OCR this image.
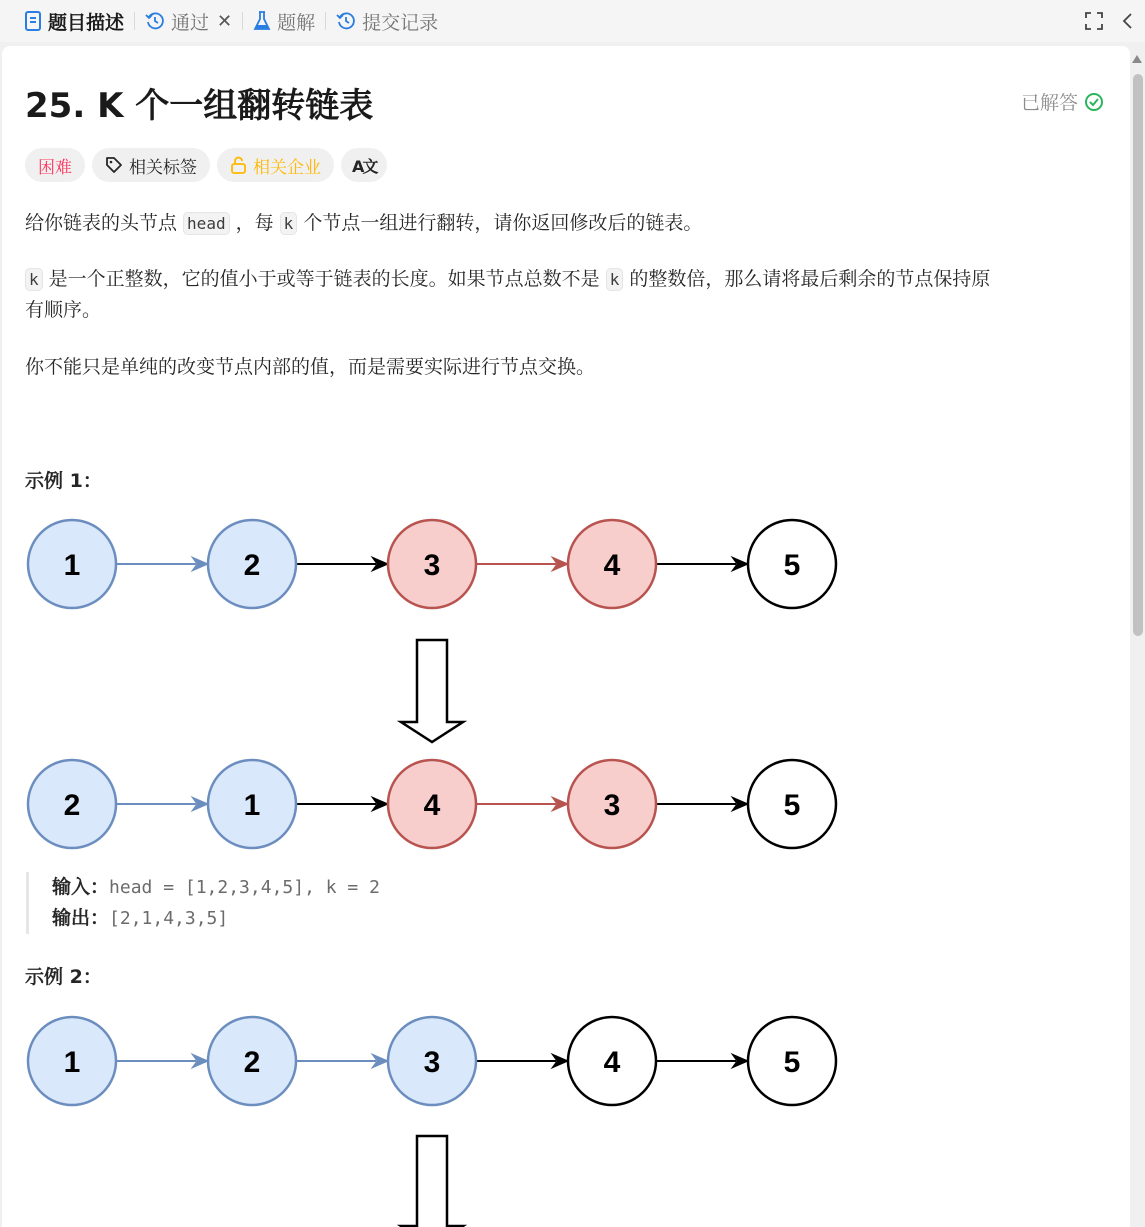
题目描述 通过 ✕ 题解 提交记录
25. K 个一组翻转链表	已解答
困难	相关标签	相关企业 A文

给你链表的头节点 head ，每 k 个节点一组进行翻转，请你返回修改后的链表。

k 是一个正整数，它的值小于或等于链表的长度。如果节点总数不是 k 的整数倍，那么请将最后剩余的节点保持原
有顺序。

你不能只是单纯的改变节点内部的值，而是需要实际进行节点交换。

示例 1：
1	2	3	4	5
2	1	4	3	5
输入：head = [1,2,3,4,5], k = 2
输出：[2,1,4,3,5]
示例 2：
1	2	3	4	5
